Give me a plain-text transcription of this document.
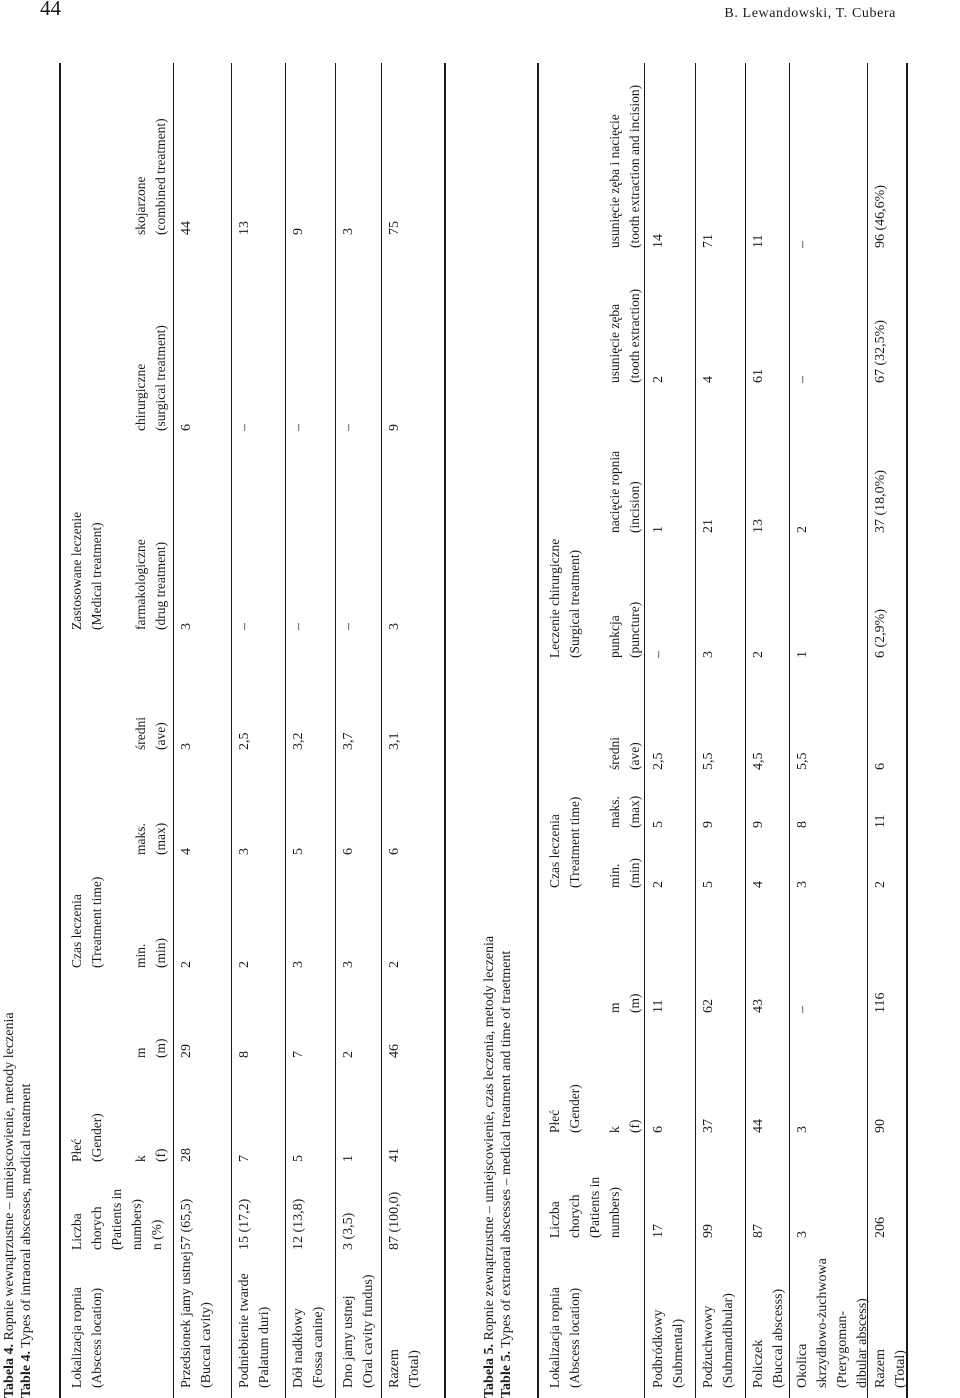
44	B. Lewandowski, T. Cubera
Tabela 4. Ropnie wewnątrzustne – umiejscowienie, metody leczenia
Table 4. Types of intraoral abscesses, medical treatment	Lokalizacja ropnia (Abscess location)
Liczba chorych (Patients in numbers) n (%)
Płeć (Gender) k (f)
m (m)
Czas leczenia (Treatment time) min. (min)
maks. (max)
średni (ave)
Zastosowane leczenie (Medical treatment) farmakologiczne (drug treatment)
chirurgiczne (surgical treatment)
skojarzone (combined treatment)
Przedsionek jamy ustnej (Buccal cavity)
57 (65,5)
28
29
2
4
3
3
6
44
Podniebienie twarde (Palatum duri)
15 (17,2)
7
8
2
3
2,5
–
–
13
Dół nadkłowy (Fossa canine)
12 (13,8)
5
7
3
5
3,2
–
–
9
Dno jamy ustnej (Oral cavity fundus)
3 (3,5)
1
2
3
6
3,7
–
–
3
Razem (Total)
87 (100,0)
41
46
2
6
3,1
3
9
75
Tabela 5. Ropnie zewnątrzustne – umiejscowienie, czas leczenia, metody leczenia
Table 5. Types of extraoral abscesses – medical treatment and time of traetment Lokalizacja ropnia (Abscess location)
Liczba chorych (Patients in numbers)
Płeć (Gender) k (f)
m (m)
Czas leczenia (Treatment time) min. (min)
maks. (max)
średni (ave)
Leczenie chirurgiczne (Surgical treatment) punkcja (puncture)
nacięcie ropnia (incision)
usunięcie zęba (tooth extraction)
usunięcie zęba i nacięcie (tooth extraction and incision)
Podbródkowy (Submental)
17
6
11
2
5
2,5
–
1
2
14
Podżuchwowy (Submandibular)
99
37
62
5
9
5,5
3
21
4
71
Policzek (Buccal abscesss)
87
44
43
4
9
4,5
2
13
61
11
Okolica skrzydłowo-żuchwowa (Pterygoman- dibular abscess)
3
3
–
3
8
5,5
1
2
–
–
Razem (Total)
206
90
116
2
11
6
6 (2,9%)
37 (18,0%)
67 (32,5%)
96 (46,6%)
